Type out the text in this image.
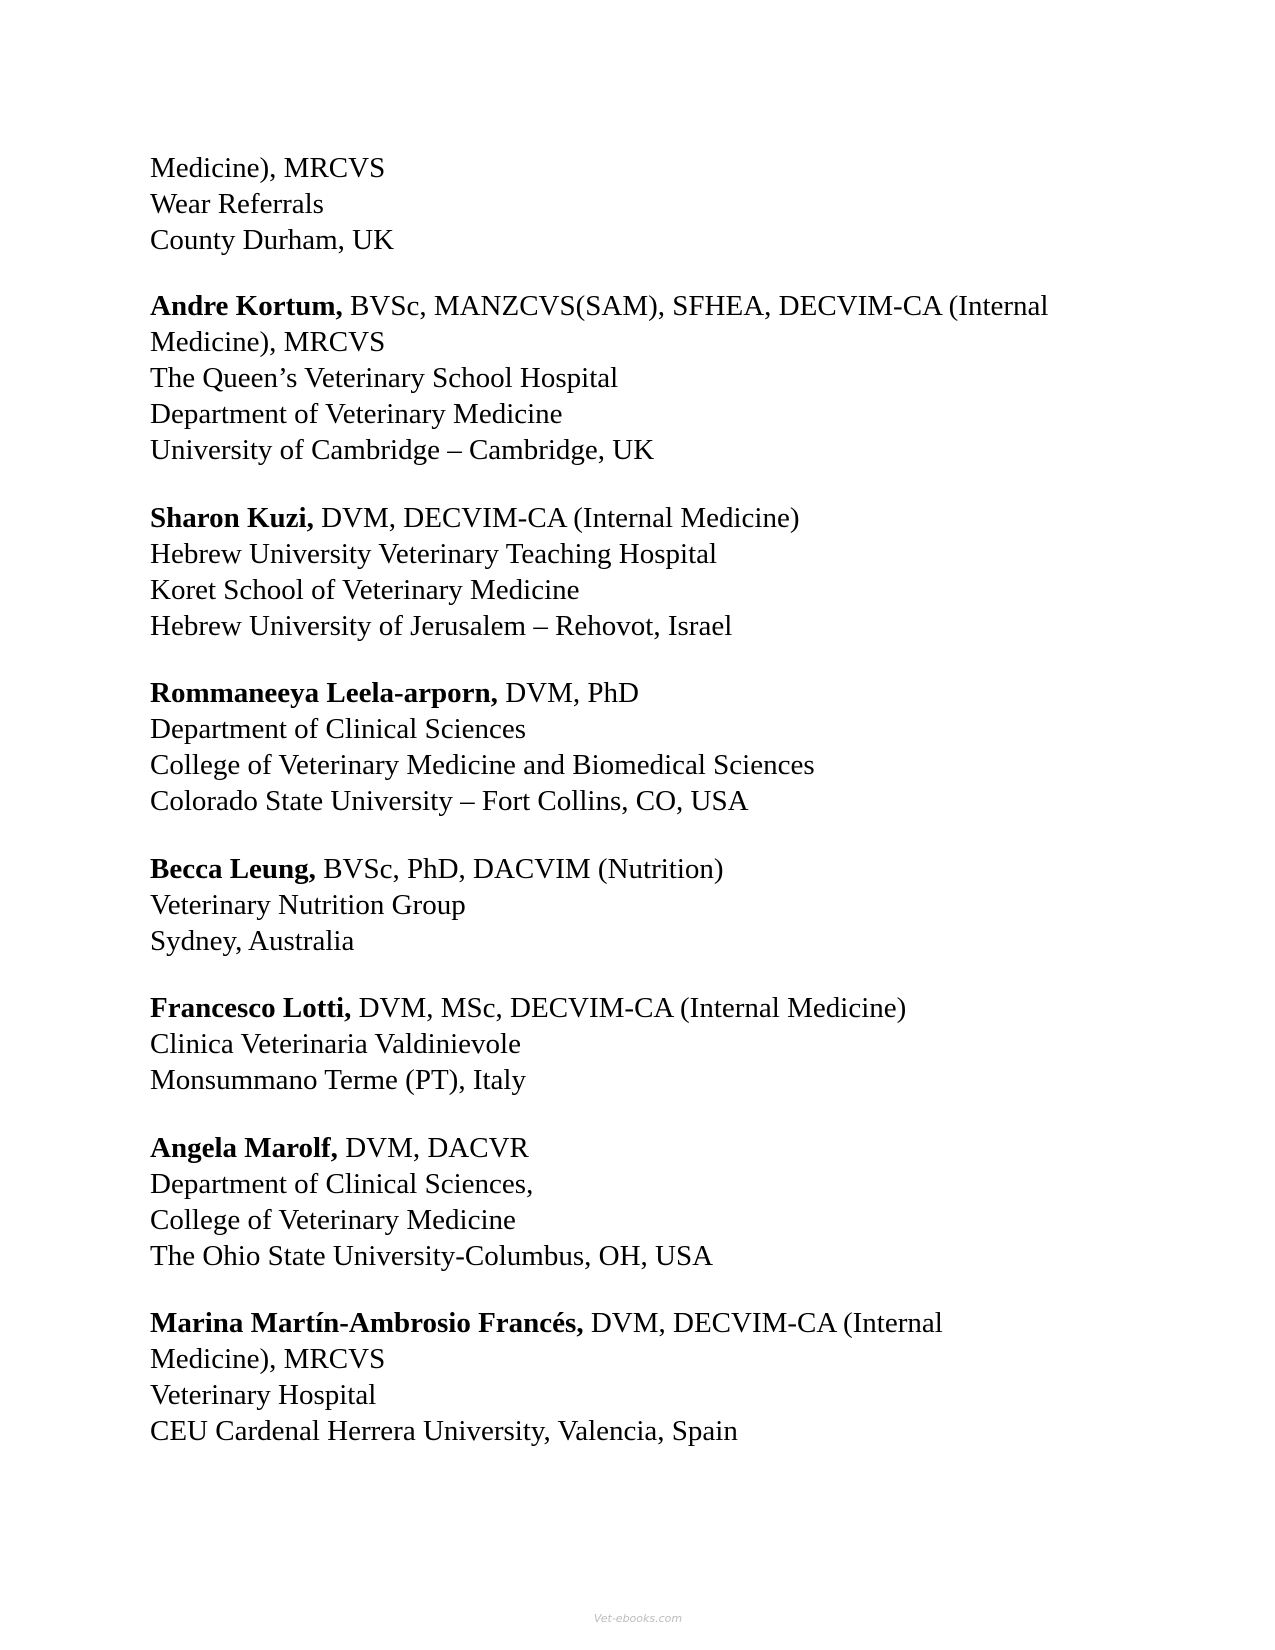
Medicine), MRCVS
Wear Referrals
County Durham, UK
Andre Kortum, BVSc, MANZCVS(SAM), SFHEA, DECVIM-CA (Internal
Medicine), MRCVS
The Queen’s Veterinary School Hospital
Department of Veterinary Medicine
University of Cambridge – Cambridge, UK
Sharon Kuzi, DVM, DECVIM-CA (Internal Medicine)
Hebrew University Veterinary Teaching Hospital
Koret School of Veterinary Medicine
Hebrew University of Jerusalem – Rehovot, Israel
Rommaneeya Leela-arporn, DVM, PhD
Department of Clinical Sciences
College of Veterinary Medicine and Biomedical Sciences
Colorado State University – Fort Collins, CO, USA
Becca Leung, BVSc, PhD, DACVIM (Nutrition)
Veterinary Nutrition Group
Sydney, Australia
Francesco Lotti, DVM, MSc, DECVIM-CA (Internal Medicine)
Clinica Veterinaria Valdinievole
Monsummano Terme (PT), Italy
Angela Marolf, DVM, DACVR
Department of Clinical Sciences,
College of Veterinary Medicine
The Ohio State University-Columbus, OH, USA
Marina Martín-Ambrosio Francés, DVM, DECVIM-CA (Internal
Medicine), MRCVS
Veterinary Hospital
CEU Cardenal Herrera University, Valencia, Spain
Vet-ebooks.com
